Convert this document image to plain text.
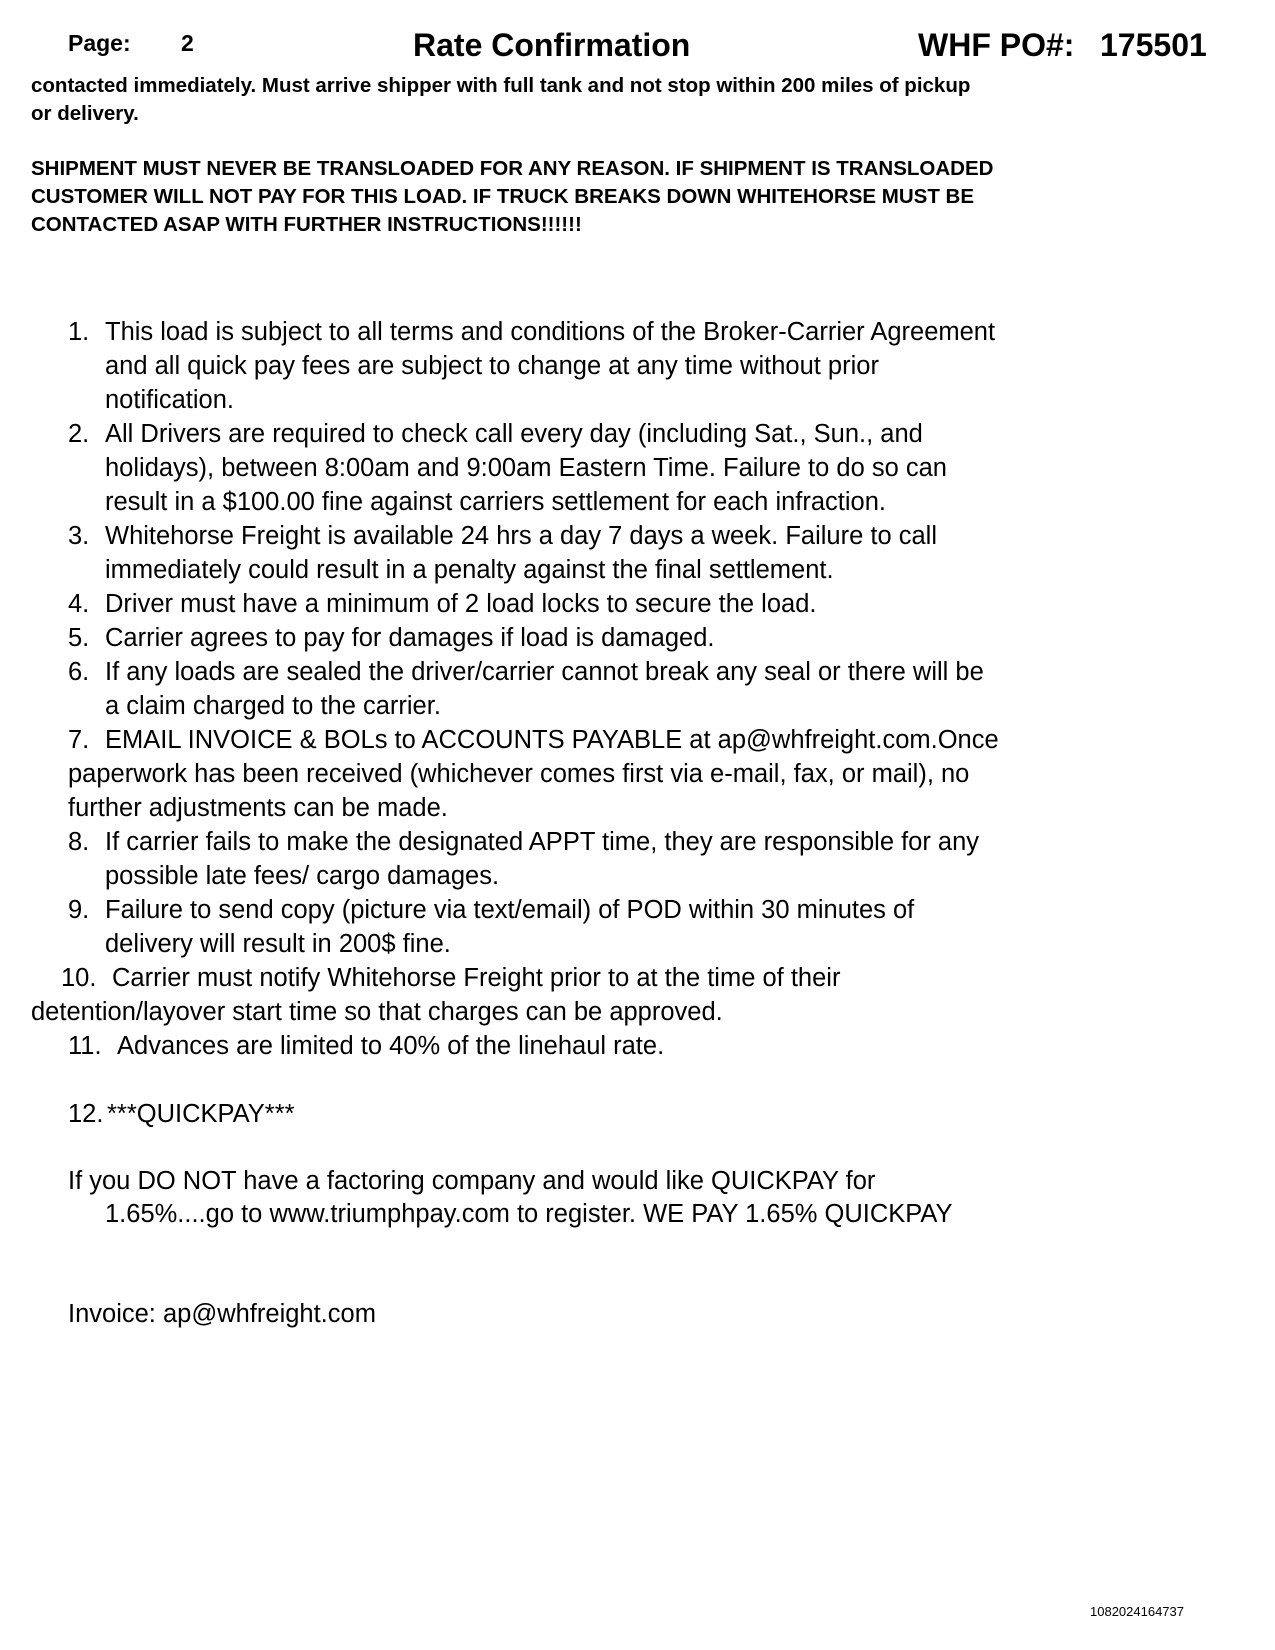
Page: 2	Rate Confirmation	WHF PO#: 175501
contacted immediately. Must arrive shipper with full tank and not stop within 200 miles of pickup
or delivery.
SHIPMENT MUST NEVER BE TRANSLOADED FOR ANY REASON. IF SHIPMENT IS TRANSLOADED
CUSTOMER WILL NOT PAY FOR THIS LOAD. IF TRUCK BREAKS DOWN WHITEHORSE MUST BE
CONTACTED ASAP WITH FURTHER INSTRUCTIONS!!!!!!
1. This load is subject to all terms and conditions of the Broker-Carrier Agreement
and all quick pay fees are subject to change at any time without prior
notification.
2. All Drivers are required to check call every day (including Sat., Sun., and
holidays), between 8:00am and 9:00am Eastern Time. Failure to do so can
result in a $100.00 fine against carriers settlement for each infraction.
3. Whitehorse Freight is available 24 hrs a day 7 days a week. Failure to call
immediately could result in a penalty against the final settlement.
4. Driver must have a minimum of 2 load locks to secure the load.
5. Carrier agrees to pay for damages if load is damaged.
6. If any loads are sealed the driver/carrier cannot break any seal or there will be
a claim charged to the carrier.
7. EMAIL INVOICE & BOLs to ACCOUNTS PAYABLE at ap@whfreight.com.Once
paperwork has been received (whichever comes first via e-mail, fax, or mail), no
further adjustments can be made.
8. If carrier fails to make the designated APPT time, they are responsible for any
possible late fees/ cargo damages.
9. Failure to send copy (picture via text/email) of POD within 30 minutes of
delivery will result in 200$ fine.
10. Carrier must notify Whitehorse Freight prior to at the time of their
detention/layover start time so that charges can be approved.
11. Advances are limited to 40% of the linehaul rate.
12. ***QUICKPAY***
If you DO NOT have a factoring company and would like QUICKPAY for
1.65%....go to www.triumphpay.com to register. WE PAY 1.65% QUICKPAY
Invoice: ap@whfreight.com
1082024164737
